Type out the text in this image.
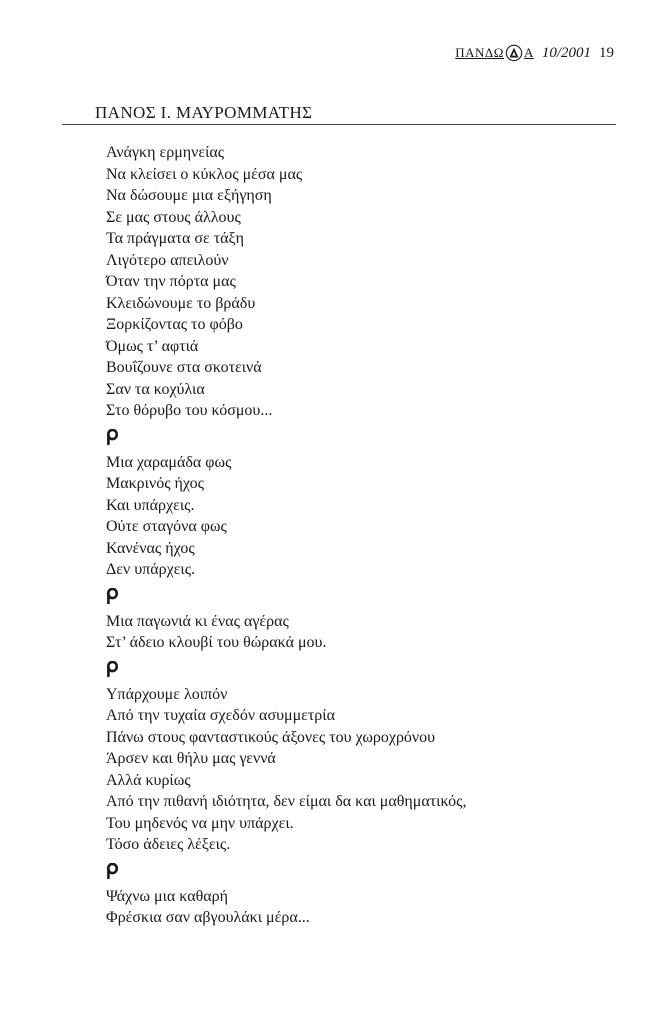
ΠΑΝΔΩ Α 10/2001 19
ΠΑΝΟΣ Ι. ΜΑΥΡΟΜΜΑΤΗΣ
Ανάγκη ερμηνείας
Να κλείσει ο κύκλος μέσα μας
Να δώσουμε μια εξήγηση
Σε μας στους άλλους
Τα πράγματα σε τάξη
Λιγότερο απειλούν
Όταν την πόρτα μας
Κλειδώνουμε το βράδυ
Ξορκίζοντας το φόβο
Όμως τ’ αφτιά
Βουΐζουνε στα σκοτεινά
Σαν τα κοχύλια
Στο θόρυβο του κόσμου...
Μια χαραμάδα φως
Μακρινός ήχος
Και υπάρχεις.
Ούτε σταγόνα φως
Κανένας ήχος
Δεν υπάρχεις.
Μια παγωνιά κι ένας αγέρας
Στ’ άδειο κλουβί του θώρακά μου.
Υπάρχουμε λοιπόν
Από την τυχαία σχεδόν ασυμμετρία
Πάνω στους φανταστικούς άξονες του χωροχρόνου
Άρσεν και θήλυ μας γεννά
Αλλά κυρίως
Από την πιθανή ιδιότητα, δεν είμαι δα και μαθηματικός,
Του μηδενός να μην υπάρχει.
Τόσο άδειες λέξεις.
Ψάχνω μια καθαρή
Φρέσκια σαν αβγουλάκι μέρα...
